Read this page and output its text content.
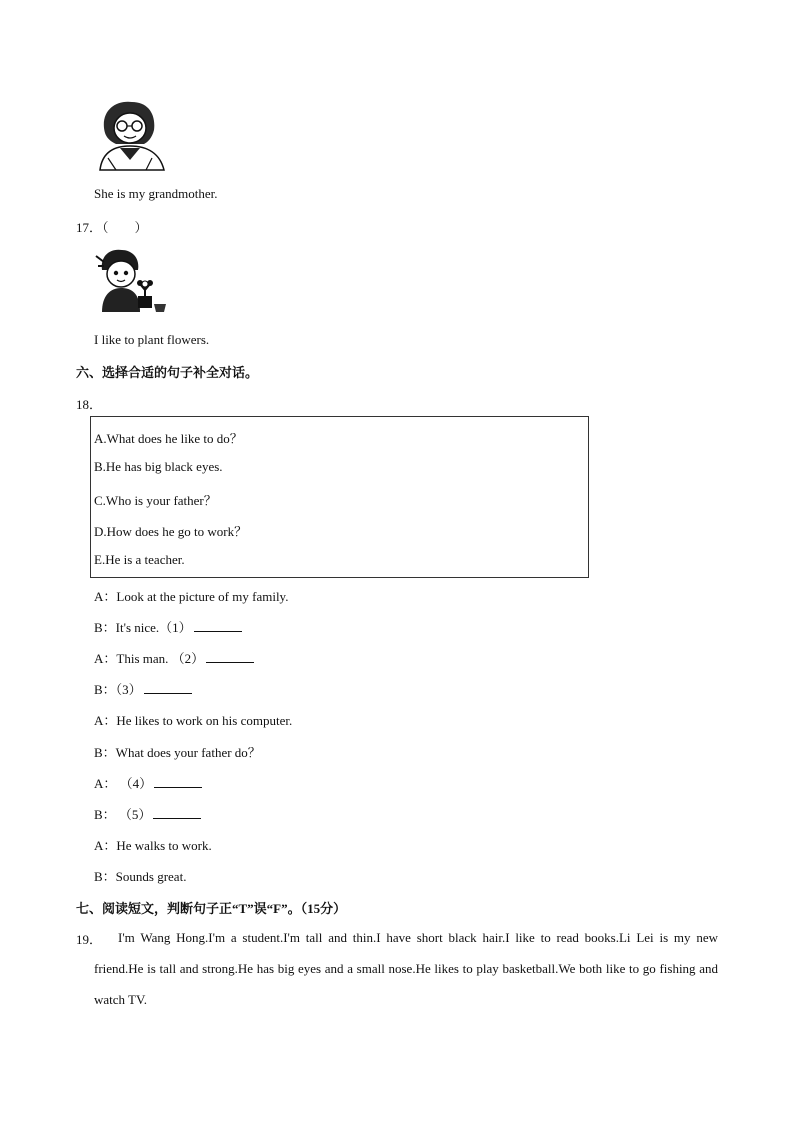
She is my grandmother.
17．（　　）
I like to plant flowers.
六、选择合适的句子补全对话。
18．
A.What does he like to do？
B.He has big black eyes.
C.Who is your father？
D.How does he go to work？
E.He is a teacher.
A：Look at the picture of my family.
B：It's nice.（1）
A：This man. （2）
B：（3）
A：He likes to work on his computer.
B：What does your father do？
A： （4）
B： （5）
A：He walks to work.
B：Sounds great.
七、阅读短文，判断句子正“T”误“F”。（15分）
19．	I'm Wang Hong.I'm a student.I'm tall and thin.I have short black hair.I like to read books.Li Lei is my new friend.He is tall and strong.He has big eyes and a small nose.He likes to play basketball.We both like to go fishing and watch TV.
